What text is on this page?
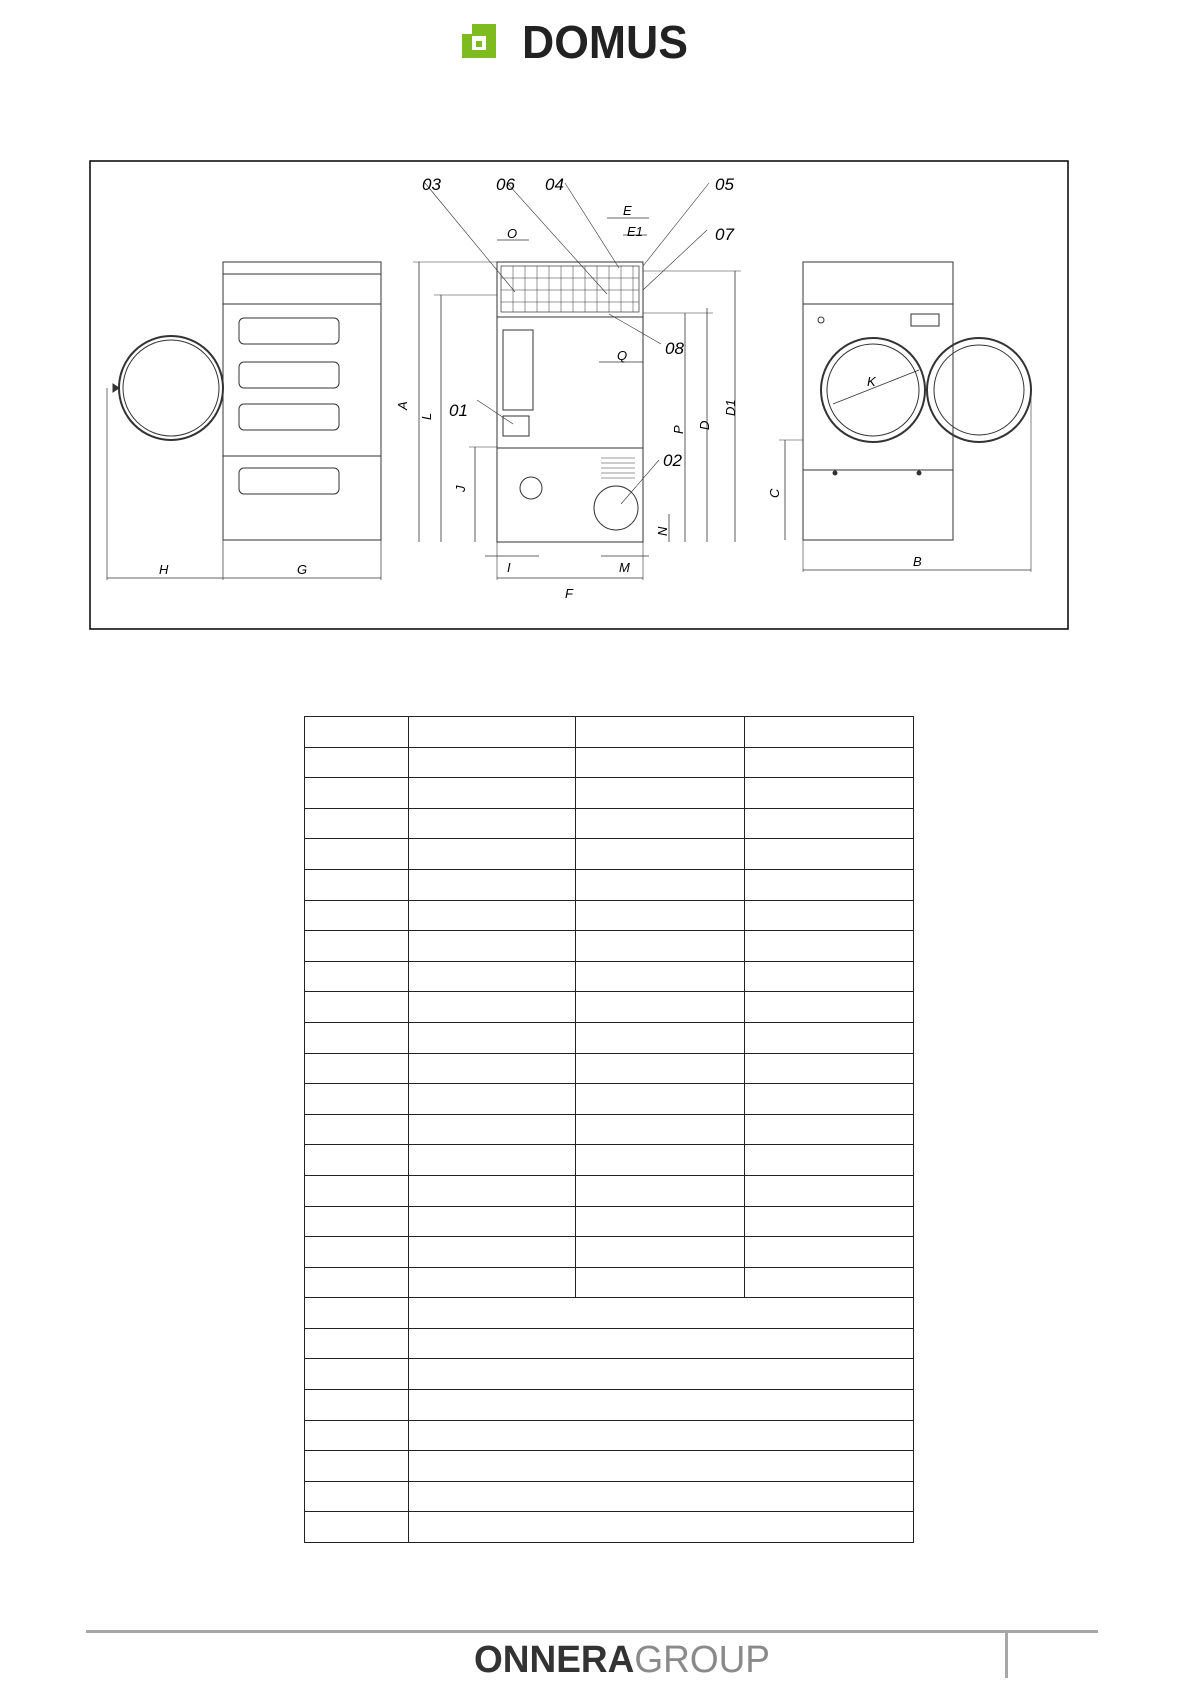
DOMUS
H	G
03	06 04	05
07
08
01
02
A
L
J
O
E
E1
Q
P D
D1
N
I	M
F
K
C
B

ONNERAGROUP
